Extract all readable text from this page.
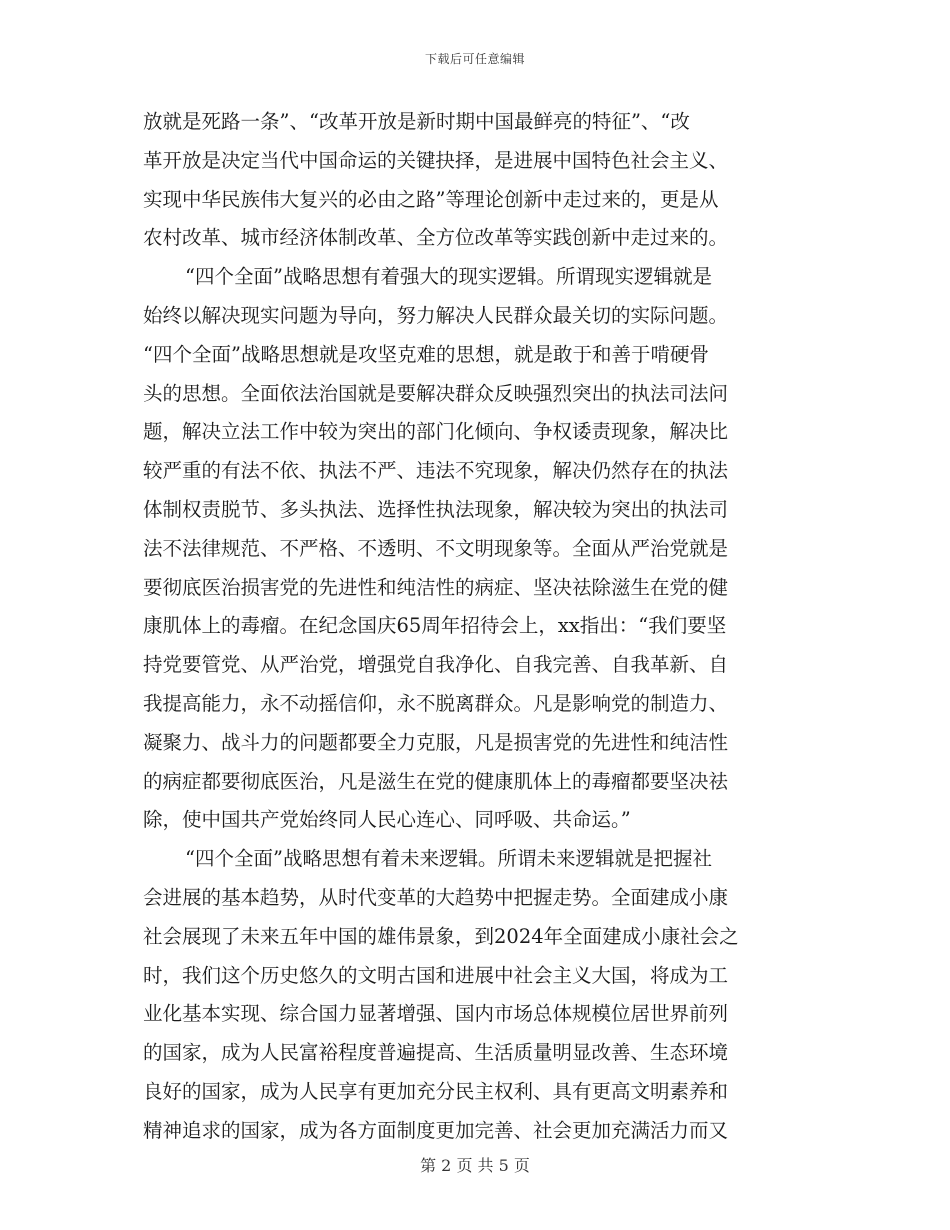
下载后可任意编辑
放就是死路一条”、“改革开放是新时期中国最鲜亮的特征”、“改
革开放是决定当代中国命运的关键抉择，是进展中国特色社会主义、
实现中华民族伟大复兴的必由之路”等理论创新中走过来的，更是从
农村改革、城市经济体制改革、全方位改革等实践创新中走过来的。
“四个全面”战略思想有着强大的现实逻辑。所谓现实逻辑就是
始终以解决现实问题为导向，努力解决人民群众最关切的实际问题。
“四个全面”战略思想就是攻坚克难的思想，就是敢于和善于啃硬骨
头的思想。全面依法治国就是要解决群众反映强烈突出的执法司法问
题，解决立法工作中较为突出的部门化倾向、争权诿责现象，解决比
较严重的有法不依、执法不严、违法不究现象，解决仍然存在的执法
体制权责脱节、多头执法、选择性执法现象，解决较为突出的执法司
法不法律规范、不严格、不透明、不文明现象等。全面从严治党就是
要彻底医治损害党的先进性和纯洁性的病症、坚决祛除滋生在党的健
康肌体上的毒瘤。在纪念国庆65周年招待会上，xx指出：“我们要坚
持党要管党、从严治党，增强党自我净化、自我完善、自我革新、自
我提高能力，永不动摇信仰，永不脱离群众。凡是影响党的制造力、
凝聚力、战斗力的问题都要全力克服，凡是损害党的先进性和纯洁性
的病症都要彻底医治，凡是滋生在党的健康肌体上的毒瘤都要坚决祛
除，使中国共产党始终同人民心连心、同呼吸、共命运。”
“四个全面”战略思想有着未来逻辑。所谓未来逻辑就是把握社
会进展的基本趋势，从时代变革的大趋势中把握走势。全面建成小康
社会展现了未来五年中国的雄伟景象，到2024年全面建成小康社会之
时，我们这个历史悠久的文明古国和进展中社会主义大国，将成为工
业化基本实现、综合国力显著增强、国内市场总体规模位居世界前列
的国家，成为人民富裕程度普遍提高、生活质量明显改善、生态环境
良好的国家，成为人民享有更加充分民主权利、具有更高文明素养和
精神追求的国家，成为各方面制度更加完善、社会更加充满活力而又
第 2 页 共 5 页
